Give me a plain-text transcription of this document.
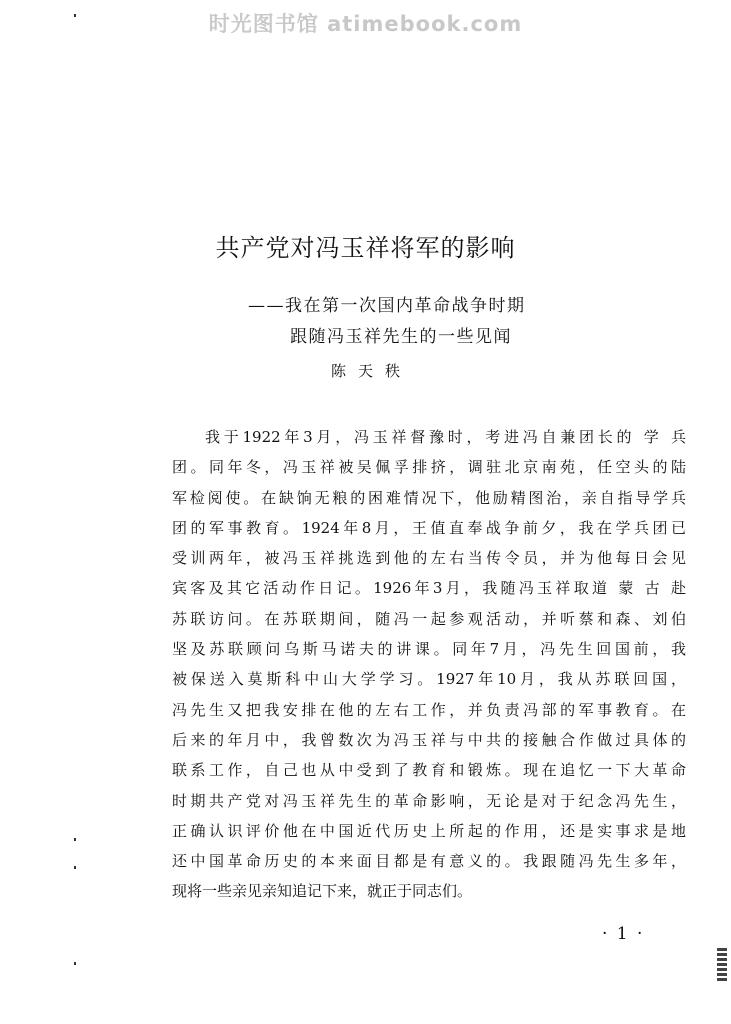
时光图书馆 atimebook.com
共产党对冯玉祥将军的影响
——我在第一次国内革命战争时期
跟随冯玉祥先生的一些见闻
陈天秩
我于1922年3月，冯玉祥督豫时，考进冯自兼团长的 学 兵
团。同年冬，冯玉祥被吴佩孚排挤，调驻北京南苑，任空头的陆
军检阅使。在缺饷无粮的困难情况下，他励精图治，亲自指导学兵
团的军事教育。1924年8月，王值直奉战争前夕，我在学兵团已
受训两年，被冯玉祥挑选到他的左右当传令员，并为他每日会见
宾客及其它活动作日记。1926年3月，我随冯玉祥取道 蒙 古 赴
苏联访问。在苏联期间，随冯一起参观活动，并听蔡和森、刘伯
坚及苏联顾问乌斯马诺夫的讲课。同年7月，冯先生回国前，我
被保送入莫斯科中山大学学习。1927年10月，我从苏联回国，
冯先生又把我安排在他的左右工作，并负责冯部的军事教育。在
后来的年月中，我曾数次为冯玉祥与中共的接触合作做过具体的
联系工作，自己也从中受到了教育和锻炼。现在追忆一下大革命
时期共产党对冯玉祥先生的革命影响，无论是对于纪念冯先生，
正确认识评价他在中国近代历史上所起的作用，还是实事求是地
还中国革命历史的本来面目都是有意义的。我跟随冯先生多年，
现将一些亲见亲知追记下来，就正于同志们。
· 1 ·
